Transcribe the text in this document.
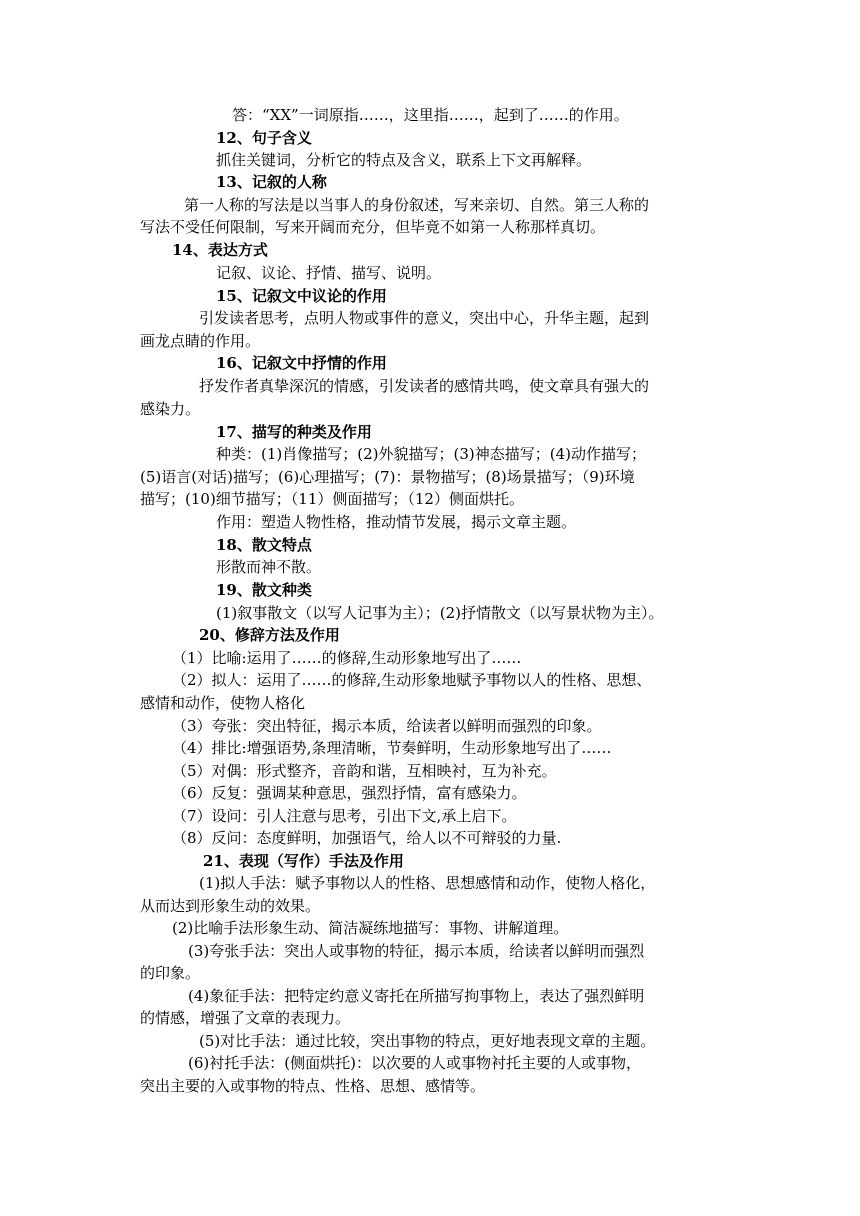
答：“XX”一词原指……，这里指……，起到了……的作用。
12、句子含义
抓住关键词，分析它的特点及含义，联系上下文再解释。
13、记叙的人称
第一人称的写法是以当事人的身份叙述，写来亲切、自然。第三人称的
写法不受任何限制，写来开阔而充分，但毕竟不如第一人称那样真切。
14、表达方式
记叙、议论、抒情、描写、说明。
15、记叙文中议论的作用
引发读者思考，点明人物或事件的意义，突出中心，升华主题，起到
画龙点睛的作用。
16、记叙文中抒情的作用
抒发作者真挚深沉的情感，引发读者的感情共鸣，使文章具有强大的
感染力。
17、描写的种类及作用
种类：(1)肖像描写；(2)外貌描写；(3)神态描写；(4)动作描写；
(5)语言(对话)描写；(6)心理描写；(7)：景物描写；(8)场景描写；（9)环境
描写；(10)细节描写；（11）侧面描写；（12）侧面烘托。
作用：塑造人物性格，推动情节发展，揭示文章主题。
18、散文特点
形散而神不散。
19、散文种类
(1)叙事散文（以写人记事为主）；(2)抒情散文（以写景状物为主）。
20、修辞方法及作用
（1）比喻:运用了……的修辞,生动形象地写出了……
（2）拟人：运用了……的修辞,生动形象地赋予事物以人的性格、思想、
感情和动作，使物人格化
（3）夸张：突出特征，揭示本质，给读者以鲜明而强烈的印象。
（4）排比:增强语势,条理清晰，节奏鲜明，生动形象地写出了……
（5）对偶：形式整齐，音韵和谐，互相映衬，互为补充。
（6）反复：强调某种意思，强烈抒情，富有感染力。
（7）设问：引人注意与思考，引出下文,承上启下。
（8）反问：态度鲜明，加强语气，给人以不可辩驳的力量.
21、表现（写作）手法及作用
(1)拟人手法：赋予事物以人的性格、思想感情和动作，使物人格化，
从而达到形象生动的效果。
(2)比喻手法形象生动、简洁凝练地描写：事物、讲解道理。
(3)夸张手法：突出人或事物的特征，揭示本质，给读者以鲜明而强烈
的印象。
(4)象征手法：把特定约意义寄托在所描写拘事物上，表达了强烈鲜明
的情感，增强了文章的表现力。
(5)对比手法：通过比较，突出事物的特点，更好地表现文章的主题。
(6)衬托手法：(侧面烘托)：以次要的人或事物衬托主要的人或事物，
突出主要的入或事物的特点、性格、思想、感情等。
